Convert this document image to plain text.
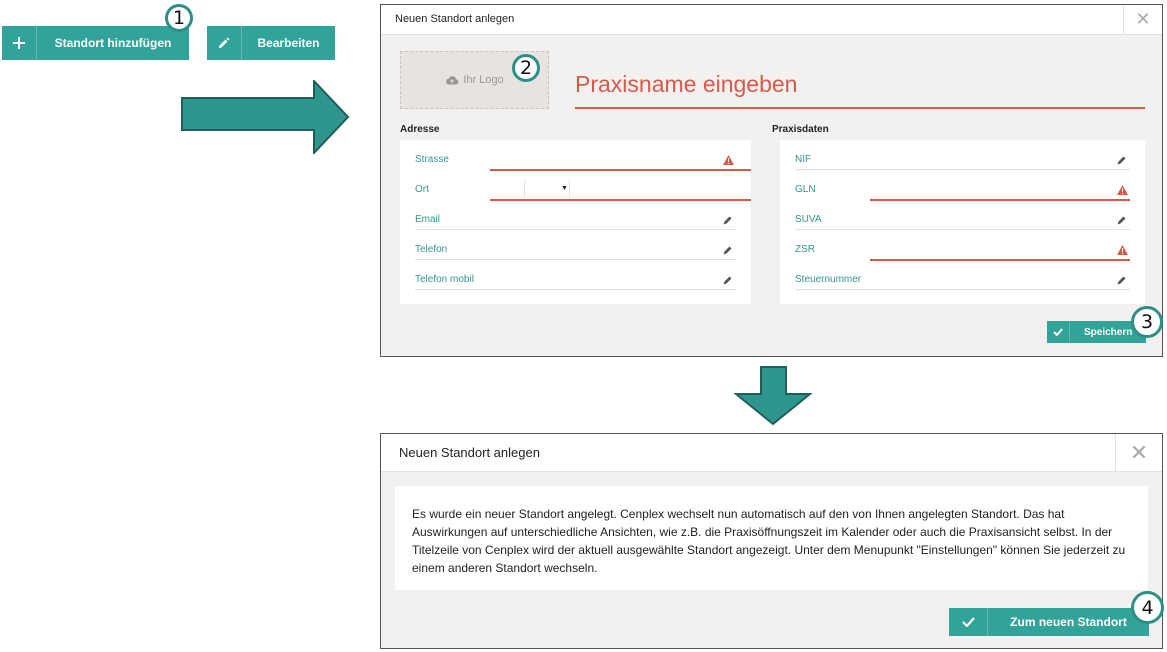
Standort hinzufügen	Bearbeiten
1	Neuen Standort anlegen	✕
Ihr Logo
2
Praxisname eingeben
Adresse
Strasse
Ort	▼
Email
Telefon
Telefon mobil
Praxisdaten
NIF
GLN
SUVA
ZSR
Steuernummer
Speichern 3
Neuen Standort anlegen	✕
Es wurde ein neuer Standort angelegt. Cenplex wechselt nun automatisch auf den von Ihnen angelegten Standort. Das hat Auswirkungen auf unterschiedliche Ansichten, wie z.B. die Praxisöffnungszeit im Kalender oder auch die Praxisansicht selbst. In der Titelzeile von Cenplex wird der aktuell ausgewählte Standort angezeigt. Unter dem Menupunkt "Einstellungen" können Sie jederzeit zu einem anderen Standort wechseln.
Zum neuen Standort
4
